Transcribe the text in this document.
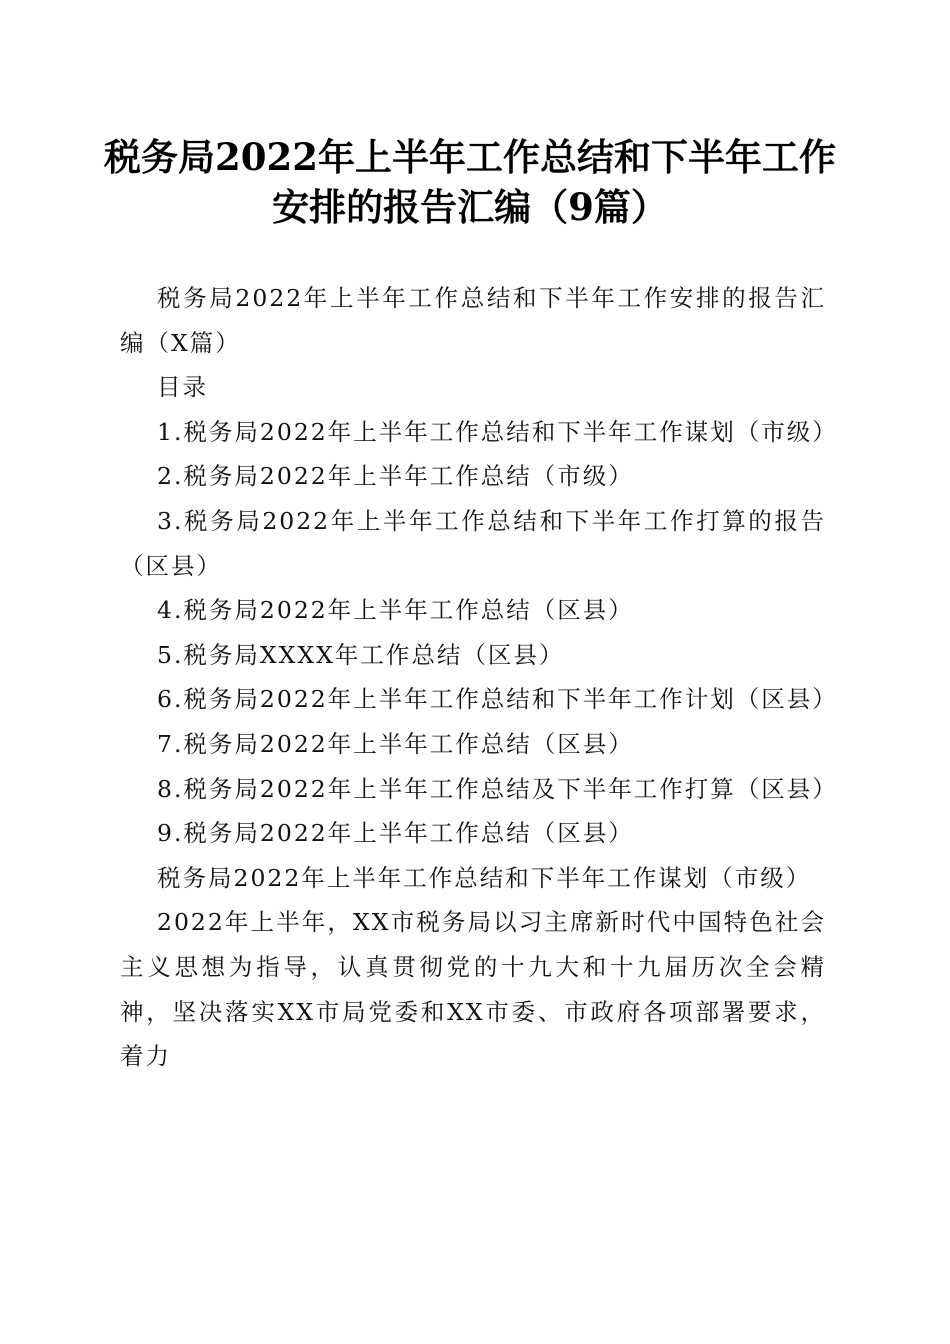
税务局2022年上半年工作总结和下半年工作
安排的报告汇编（9篇）

税务局2022年上半年工作总结和下半年工作安排的报告汇编（X篇）

目录

1.税务局2022年上半年工作总结和下半年工作谋划（市级）

2.税务局2022年上半年工作总结（市级）

3.税务局2022年上半年工作总结和下半年工作打算的报告（区县）

4.税务局2022年上半年工作总结（区县）

5.税务局XXXX年工作总结（区县）

6.税务局2022年上半年工作总结和下半年工作计划（区县）

7.税务局2022年上半年工作总结（区县）

8.税务局2022年上半年工作总结及下半年工作打算（区县）

9.税务局2022年上半年工作总结（区县）

税务局2022年上半年工作总结和下半年工作谋划（市级）

2022年上半年，XX市税务局以习主席新时代中国特色社会主义思想为指导，认真贯彻党的十九大和十九届历次全会精神，坚决落实XX市局党委和XX市委、市政府各项部署要求，着力
